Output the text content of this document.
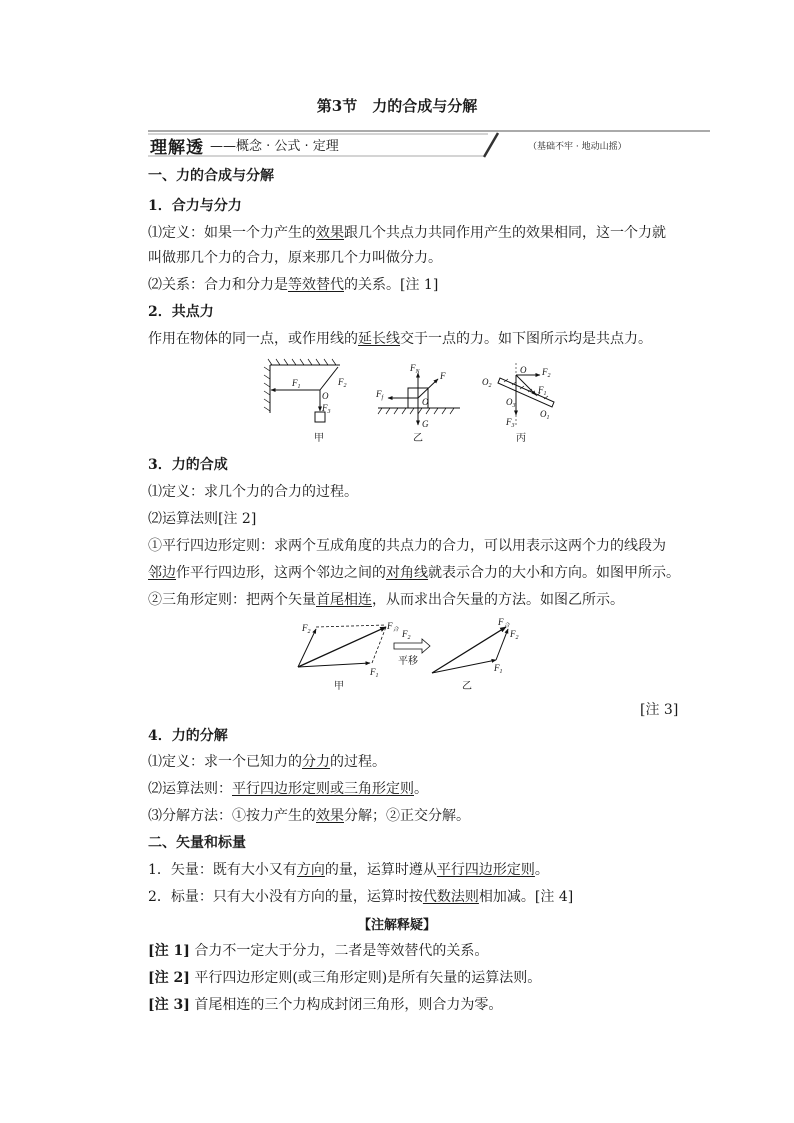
第3节　力的合成与分解
理解透 ——概念 · 公式 · 定理	（基础不牢 · 地动山摇）
一、力的合成与分解
1．合力与分力
⑴定义：如果一个力产生的效果跟几个共点力共同作用产生的效果相同，这一个力就
叫做那几个力的合力，原来那几个力叫做分力。
⑵关系：合力和分力是等效替代的关系。[注 1]
2．共点力
作用在物体的同一点，或作用线的延长线交于一点的力。如下图所示均是共点力。
$F_1$	$F_2$
O
$F_3$
甲
$F_N$ F
$F_f$	O
G
乙
O $F_2$
$F_1$
$O_2$
$O_3$
$O_1$
$F_3$
丙
3．力的合成
⑴定义：求几个力的合力的过程。
⑵运算法则[注 2]
①平行四边形定则：求两个互成角度的共点力的合力，可以用表示这两个力的线段为
邻边作平行四边形，这两个邻边之间的对角线就表示合力的大小和方向。如图甲所示。
②三角形定则：把两个矢量首尾相连，从而求出合矢量的方法。如图乙所示。
$F_2$
$F_合$
$F_1$
甲
$F_2$
平移
$F_合$
$F_2$
$F_1$
乙
[注 3]
4．力的分解
⑴定义：求一个已知力的分力的过程。
⑵运算法则：平行四边形定则或三角形定则。
⑶分解方法：①按力产生的效果分解；②正交分解。
二、矢量和标量
1．矢量：既有大小又有方向的量，运算时遵从平行四边形定则。
2．标量：只有大小没有方向的量，运算时按代数法则相加减。[注 4]
【注解释疑】
[注 1] 合力不一定大于分力，二者是等效替代的关系。
[注 2] 平行四边形定则(或三角形定则)是所有矢量的运算法则。
[注 3] 首尾相连的三个力构成封闭三角形，则合力为零。
